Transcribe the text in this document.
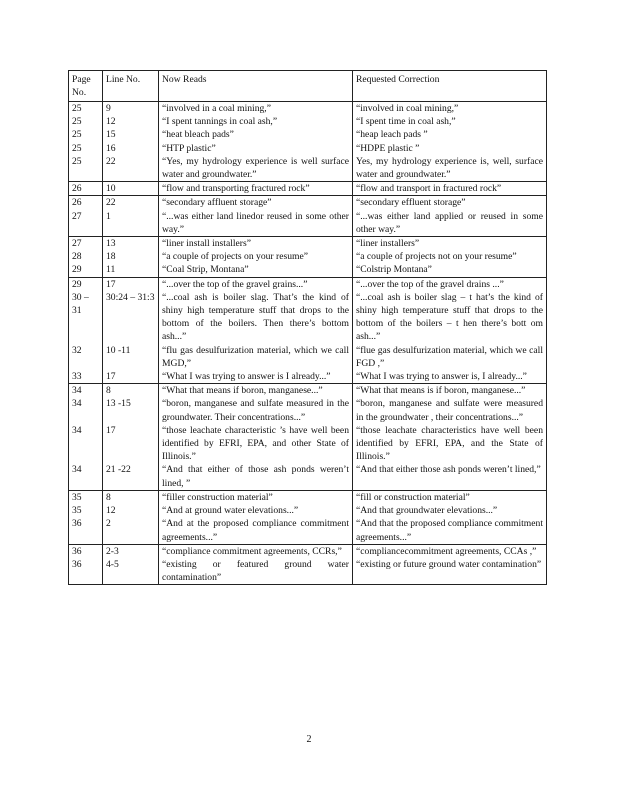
Page No.	Line No.	Now Reads	Requested Correction
25	9	“involved in a coal mining,”	“involved in coal mining,”
25	12	“I spent tannings in coal ash,”	“I spent time in coal ash,”
25	15	“heat bleach pads”	“heap leach pads ”
25	16	“HTP plastic”	“HDPE plastic ”
25	22	“Yes, my hydrology experience is well surface water and groundwater.”	Yes, my hydrology experience is, well, surface water and groundwater.”
26	10	“flow and transporting fractured rock”	“flow and transport in fractured rock”
26	22	“secondary affluent storage”	“secondary effluent storage”
27	1	“...was either land linedor reused in some other way.”	“...was either land applied or reused in some other way.”
27	13	“liner install installers”	“liner installers”
28	18	“a couple of projects on your resume”	“a couple of projects not on your resume”
29	11	“Coal Strip, Montana”	“Colstrip Montana”
29	17	“...over the top of the gravel grains...”	“...over the top of the gravel drains ...”
30 – 31	30:24 – 31:3	“...coal ash is boiler slag. That’s the kind of shiny high temperature stuff that drops to the bottom of the boilers. Then there’s bottom ash...”	“...coal ash is boiler slag – t hat’s the kind of shiny high temperature stuff that drops to the bottom of the boilers – t hen there’s bott om ash...”
32	10 -11	“flu gas desulfurization material, which we call MGD,”	“flue gas desulfurization material, which we call FGD ,”
33	17	“What I was trying to answer is I already...”	“What I was trying to answer is, I already...”
34	8	“What that means if boron, manganese...”	“What that means is if boron, manganese...”
34	13 -15	“boron, manganese and sulfate measured in the groundwater. Their concentrations...”	“boron, manganese and sulfate were measured in the groundwater , their concentrations...”
34	17	“those leachate characteristic ’s have well been identified by EFRI, EPA, and other State of Illinois.”	“those leachate characteristics have well been identified by EFRI, EPA, and the State of Illinois.”
34	21 -22	“And that either of those ash ponds weren’t lined, ”	“And that either those ash ponds weren’t lined,”
35	8	“filler construction material”	“fill or construction material”
35	12	“And at ground water elevations...”	“And that groundwater elevations...”
36	2	“And at the proposed compliance commitment agreements...”	“And that the proposed compliance commitment agreements...”
36	2-3	“compliance commitment agreements, CCRs,”	“compliancecommitment agreements, CCAs ,”
36	4-5	“existing or featured ground water contamination”	“existing or future ground water contamination”
2
